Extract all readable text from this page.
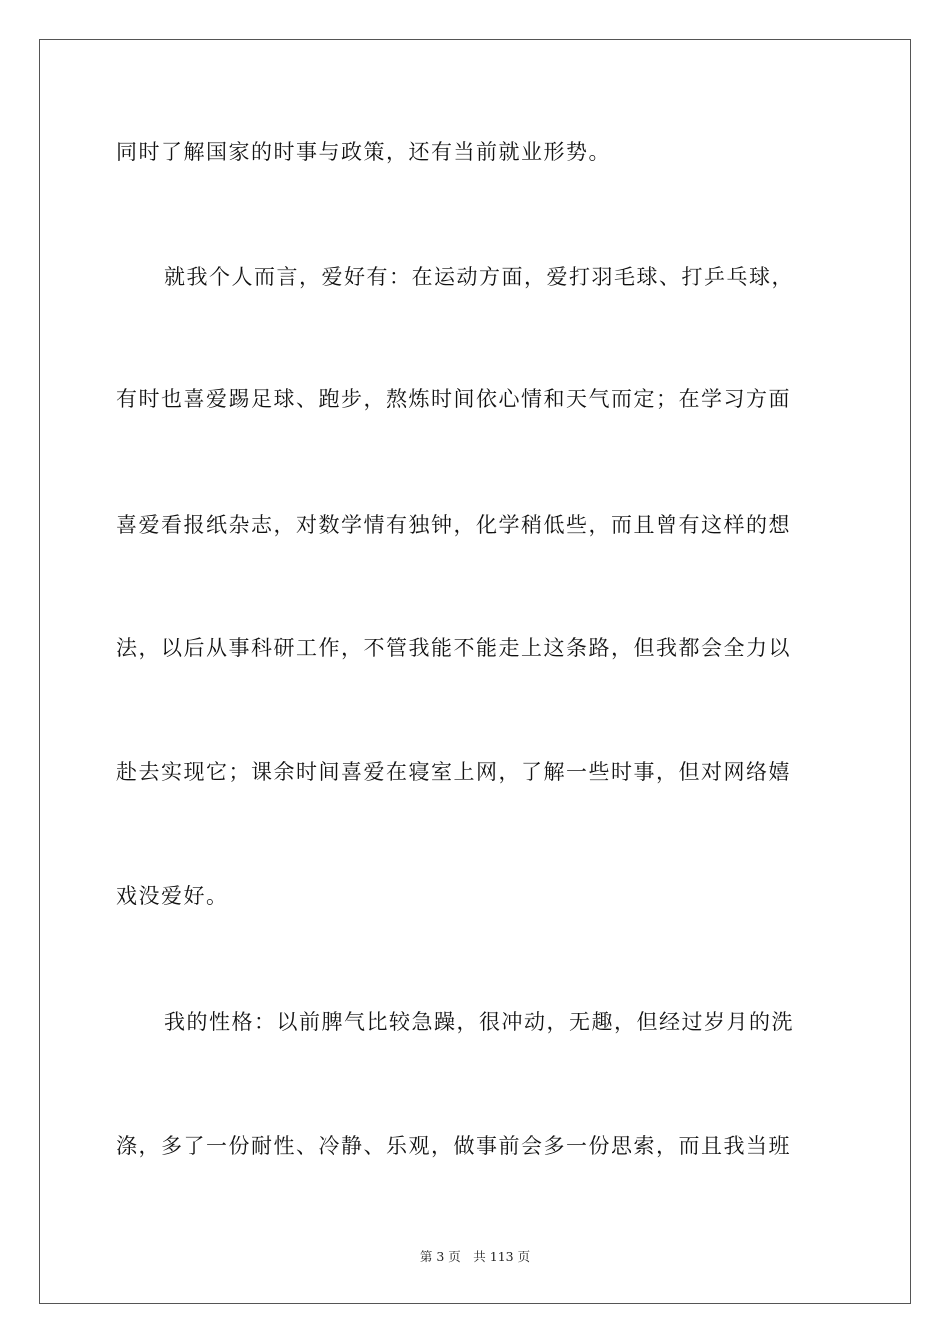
同时了解国家的时事与政策，还有当前就业形势。
就我个人而言，爱好有：在运动方面，爱打羽毛球、打乒乓球，
有时也喜爱踢足球、跑步，熬炼时间依心情和天气而定；在学习方面
喜爱看报纸杂志，对数学情有独钟，化学稍低些，而且曾有这样的想
法，以后从事科研工作，不管我能不能走上这条路，但我都会全力以
赴去实现它；课余时间喜爱在寝室上网，了解一些时事，但对网络嬉
戏没爱好。
我的性格：以前脾气比较急躁，很冲动，无趣，但经过岁月的洗
涤，多了一份耐性、冷静、乐观，做事前会多一份思索，而且我当班
第 3 页　共 113 页
